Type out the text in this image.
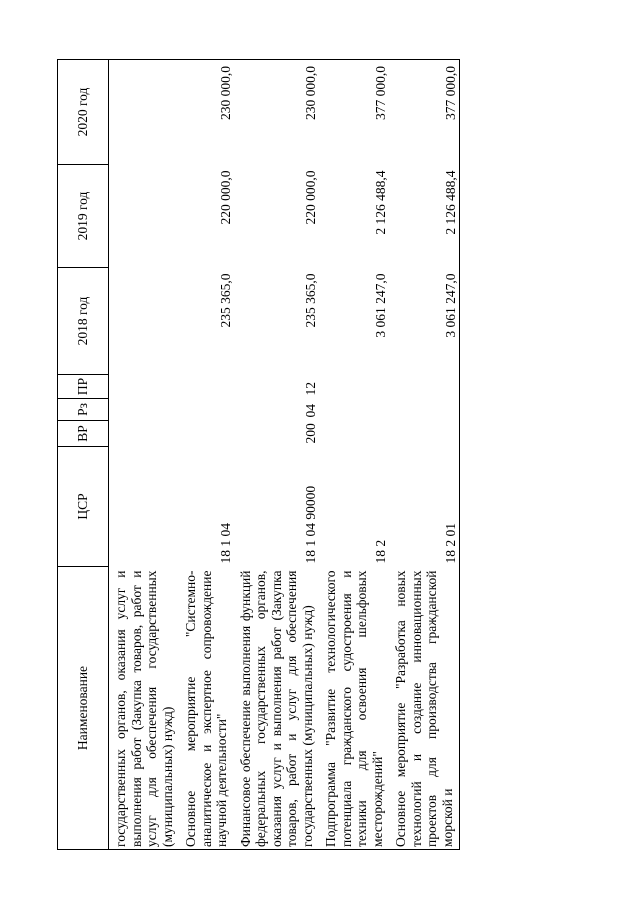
Наименование	ЦСР	ВР	Рз	ПР	2018 год	2019 год	2020 год
государственных органов, оказания услуг и выполнения работ (Закупка товаров, работ и услуг для обеспечения государственных (муниципальных) нужд)							
Основное мероприятие "Системно-аналитическое и экспертное сопровождение научной деятельности"	18 1 04				235 365,0	220 000,0	230 000,0
Финансовое обеспечение выполнения функций федеральных государственных органов, оказания услуг и выполнения работ (Закупка товаров, работ и услуг для обеспечения государственных (муниципальных) нужд)	18 1 04 90000	200	04	12	235 365,0	220 000,0	230 000,0
Подпрограмма "Развитие технологического потенциала гражданского судостроения и техники для освоения шельфовых месторождений"	18 2				3 061 247,0	2 126 488,4	377 000,0
Основное мероприятие "Разработка новых технологий и создание инновационных проектов для производства гражданской морской и	18 2 01				3 061 247,0	2 126 488,4	377 000,0
